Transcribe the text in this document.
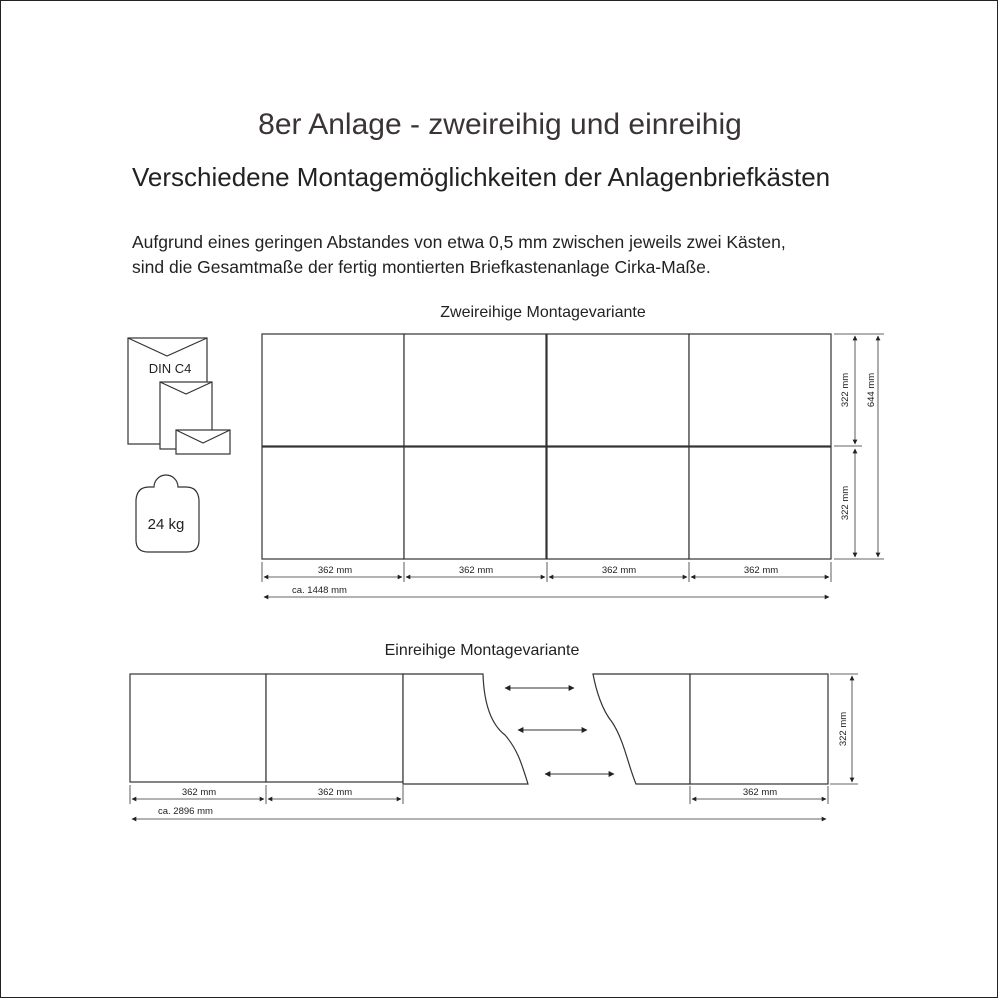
8er Anlage - zweireihig und einreihig
Verschiedene Montagemöglichkeiten der Anlagenbriefkästen
Aufgrund eines geringen Abstandes von etwa 0,5 mm zwischen jeweils zwei Kästen,
sind die Gesamtmaße der fertig montierten Briefkastenanlage Cirka-Maße.
DIN C4
24 kg
Zweireihige Montagevariante
362 mm	362 mm	362 mm	362 mm
ca. 1448 mm
322 mm
322 mm
644 mm
Einreihige Montagevariante
362 mm	362 mm	362 mm
ca. 2896 mm
322 mm
